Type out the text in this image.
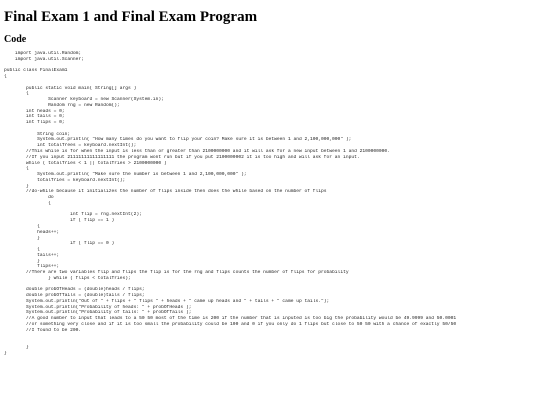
Final Exam 1 and Final Exam Program
Code
import java.util.Random;
import java.util.Scanner;
public class FinalExam1
{
public static void main( String[] args )
{
Scanner keyboard = new Scanner(System.in);
Random rng = new Random();
int heads = 0;
int tails = 0;
int flips = 0;
String coin;
System.out.println( "How many times do you want to flip your coin? Make sure it is between 1 and 2,100,000,000" );
int totalTrees = keyboard.nextInt();
//This while is for when the input is less than or greater than 2100000000 and it will ask for a new input between 1 and 2100000000.
//If you input 21111111111111111 the program wont run but if you put 2100000002 it is too high and will ask for an input.
while ( totalTries < 1 || totalTries > 2100000000 )
{
System.out.println( "Make sure the number is between 1 and 2,100,000,000" );
totalTries = keyboard.nextInt();
}
//do-while because it initializes the number of flips inside then does the while based on the number of flips
do
{
int flip = rng.nextInt(2);
if ( flip == 1 )
{
heads++;
}
if ( flip == 0 )
{
tails++;
}
flips++;
//There are two variables flip and flips the flip is for the rng and flips counts the number of flips for probability
} while ( flips < totalTries);
double probOfHeads = (double)heads / flips;
double probOfTails = (double)tails / flips;
System.out.println("Out of " + flips + " flips " + heads + " came up heads and " + tails + " came up tails.");
System.out.println("Probability of heads: " + probOfHeads );
System.out.println("Probability of tails: " + probOfTails );
//A good number to input that leads to a 50 50 most of the time is 200 if the number that is inputed is too big the probability would be 49.9999 and 50.0001
//or something very close and if it is too small the probability could be 100 and 0 if you only do 1 flips but close to 50 50 with a chance of exactly 50/50
//I found to be 200.
}
}
